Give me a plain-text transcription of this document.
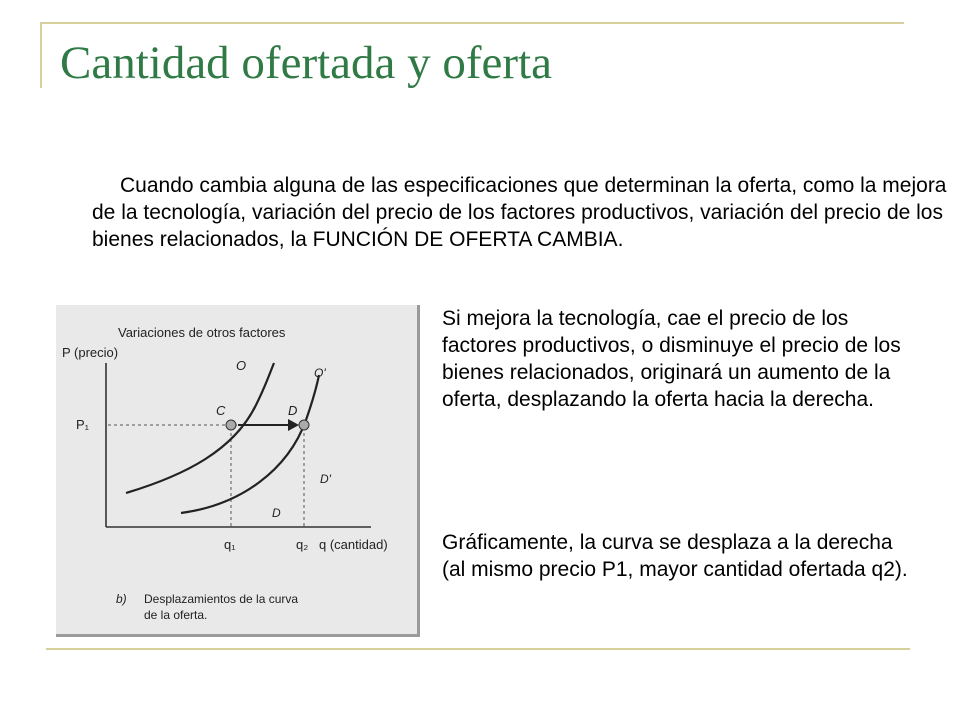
Cantidad ofertada y oferta

Cuando cambia alguna de las especificaciones que determinan la oferta, como la mejora de la tecnología, variación del precio de los factores productivos, variación del precio de los bienes relacionados, la FUNCIÓN DE OFERTA CAMBIA.

Variaciones de otros factores
P (precio)
O	O'
C	D
D'
D
P₁
q₁	q₂ q (cantidad)
b) Desplazamientos de la curva
de la oferta.

Si mejora la tecnología, cae el precio de los factores productivos, o disminuye el precio de los bienes relacionados, originará un aumento de la oferta, desplazando la oferta hacia la derecha.

Gráficamente, la curva se desplaza a la derecha (al mismo precio P1, mayor cantidad ofertada q2).
